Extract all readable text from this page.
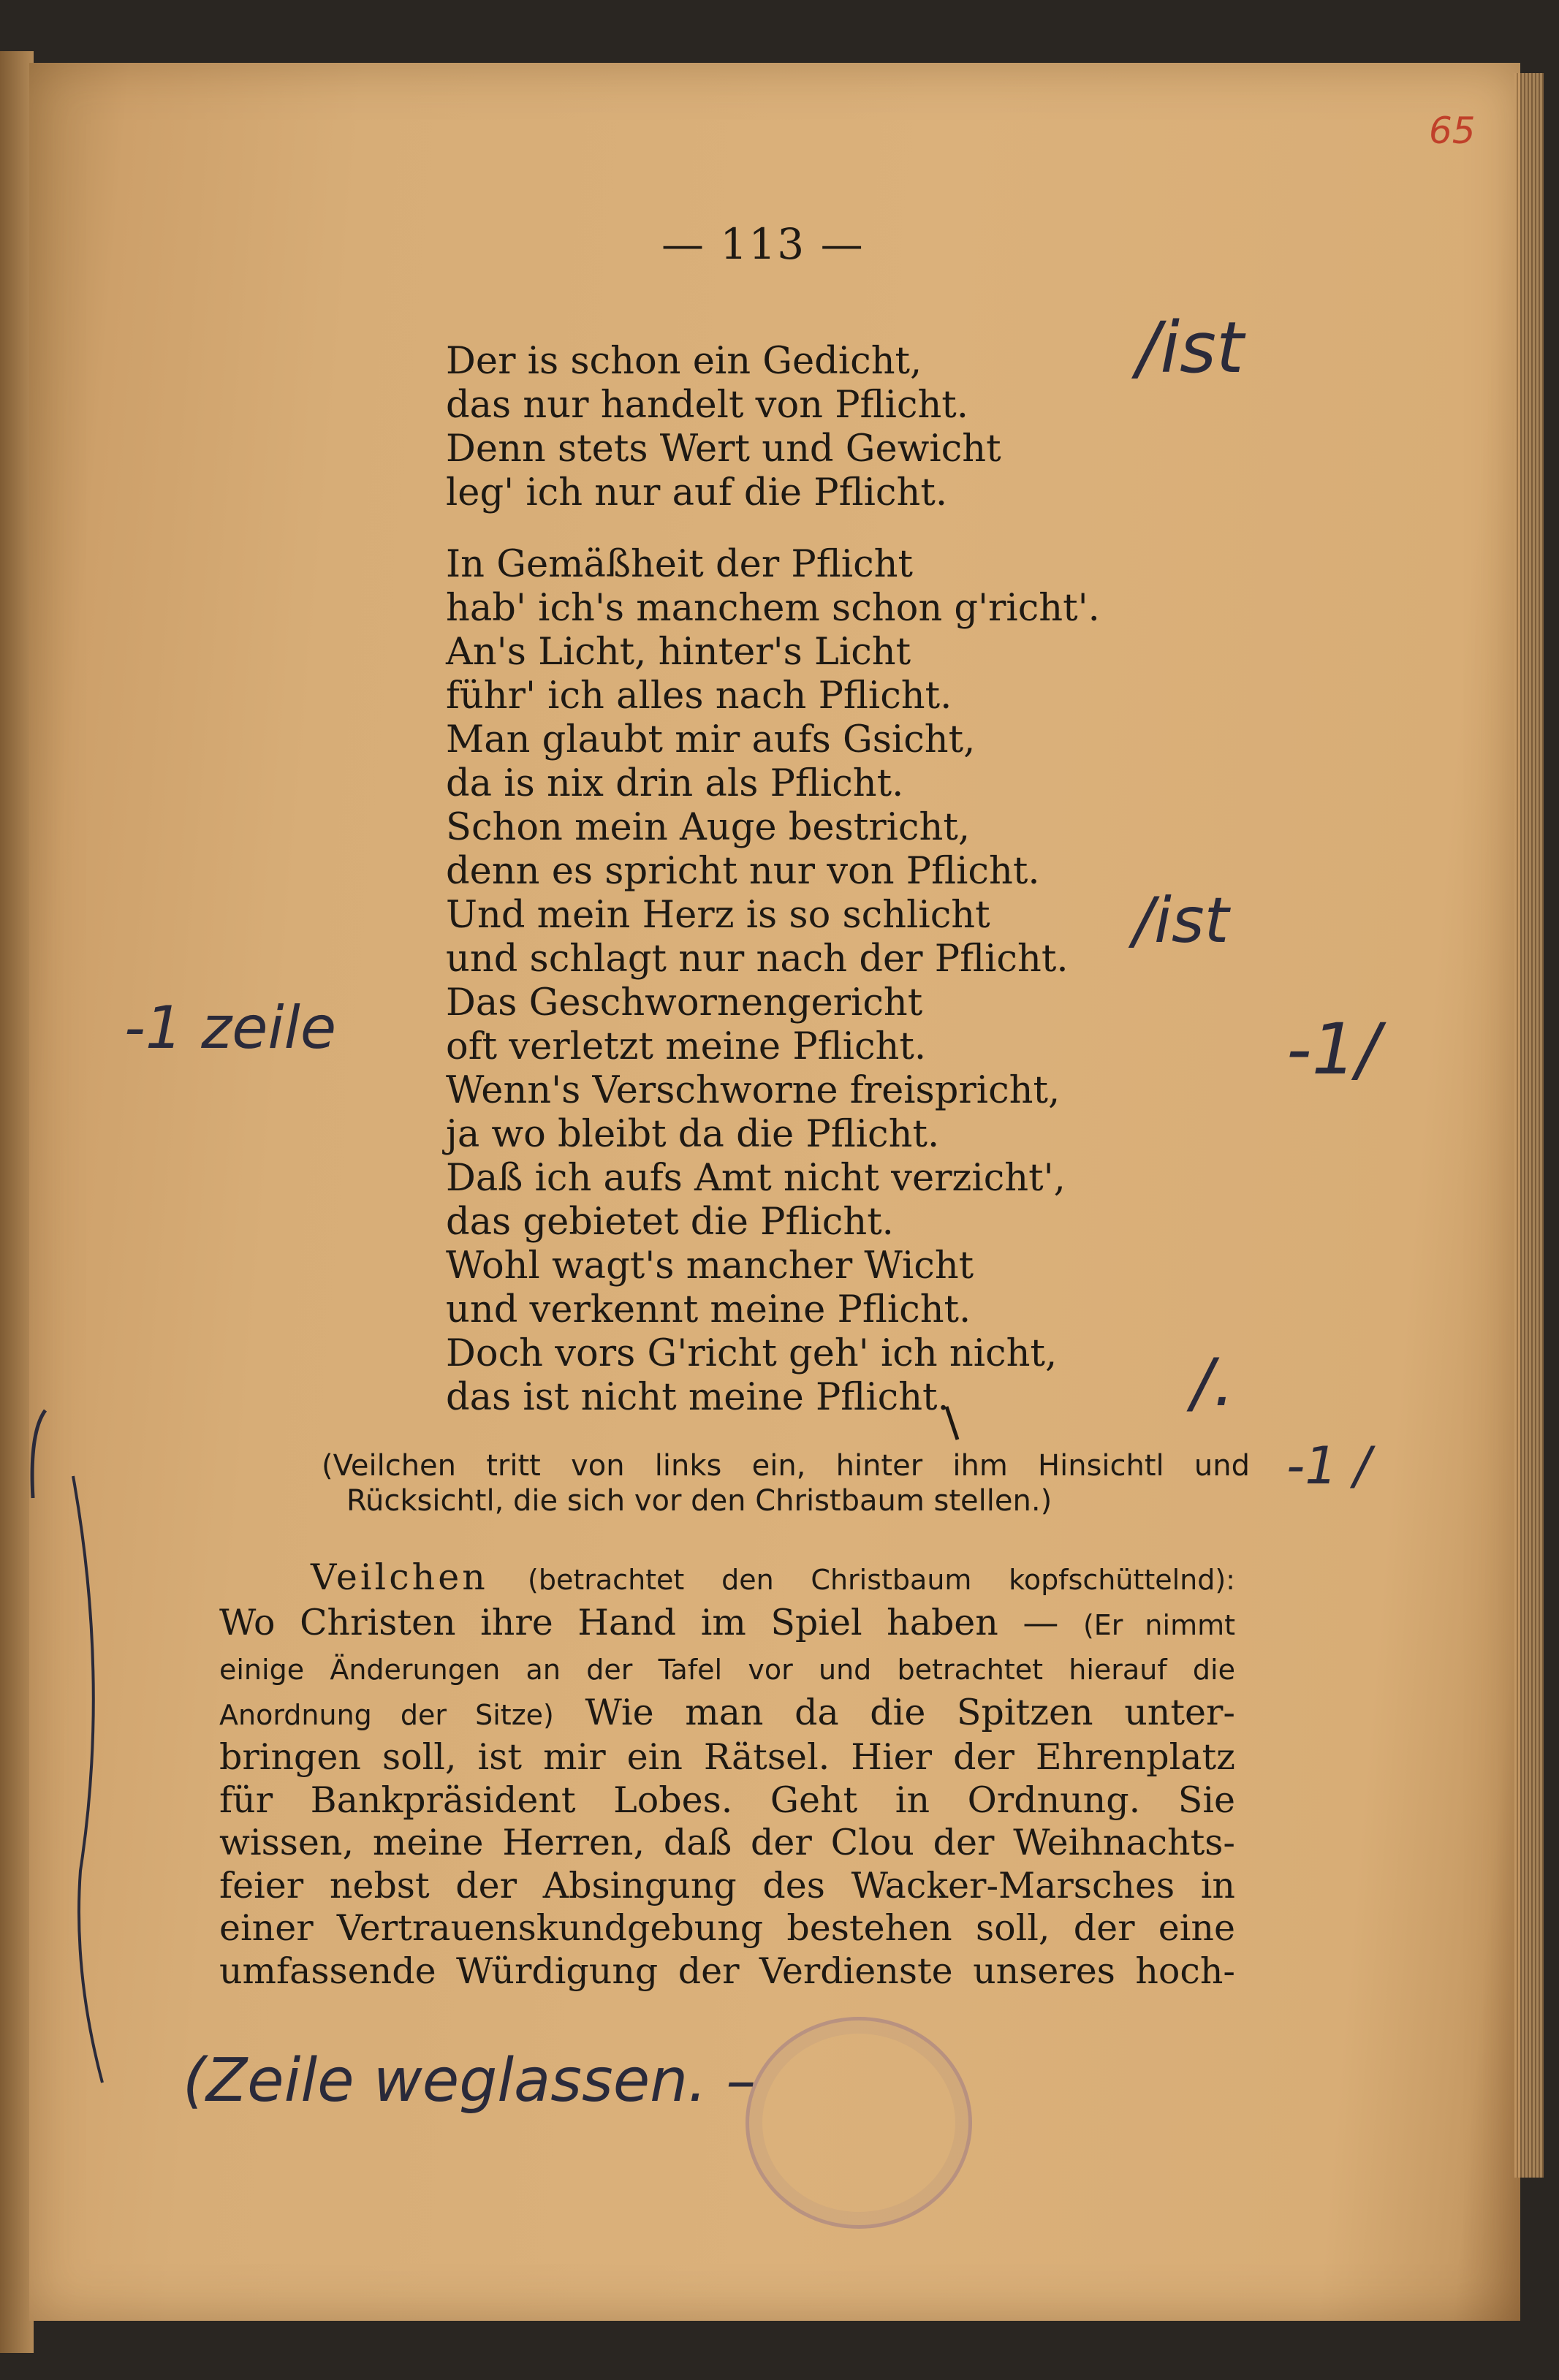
65
— 113 —
Der is schon ein Gedicht,
das nur handelt von Pflicht.
Denn stets Wert und Gewicht
leg' ich nur auf die Pflicht.
In Gemäßheit der Pflicht
hab' ich's manchem schon g'richt'.
An's Licht, hinter's Licht
führ' ich alles nach Pflicht.
Man glaubt mir aufs Gsicht,
da is nix drin als Pflicht.
Schon mein Auge bestricht,
denn es spricht nur von Pflicht.
Und mein Herz is so schlicht
und schlagt nur nach der Pflicht.
Das Geschwornengericht
oft verletzt meine Pflicht.
Wenn's Verschworne freispricht,
ja wo bleibt da die Pflicht.
Daß ich aufs Amt nicht verzicht',
das gebietet die Pflicht.
Wohl wagt's mancher Wicht
und verkennt meine Pflicht.
Doch vors G'richt geh' ich nicht,
das ist nicht meine Pflicht.
(Veilchen tritt von links ein, hinter ihm Hinsichtl und
Rücksichtl, die sich vor den Christbaum stellen.)
Veilchen (betrachtet den Christbaum kopfschüttelnd):
Wo Christen ihre Hand im Spiel haben — (Er nimmt
einige Änderungen an der Tafel vor und betrachtet hierauf die
Anordnung der Sitze) Wie man da die Spitzen unter-
bringen soll, ist mir ein Rätsel. Hier der Ehrenplatz
für Bankpräsident Lobes. Geht in Ordnung. Sie
wissen, meine Herren, daß der Clou der Weihnachts-
feier nebst der Absingung des Wacker-Marsches in
einer Vertrauenskundgebung bestehen soll, der eine
umfassende Würdigung der Verdienste unseres hoch-
/ist
/ist
-1 zeile	-1/
/.
-1 /
(Zeile weglassen. –
